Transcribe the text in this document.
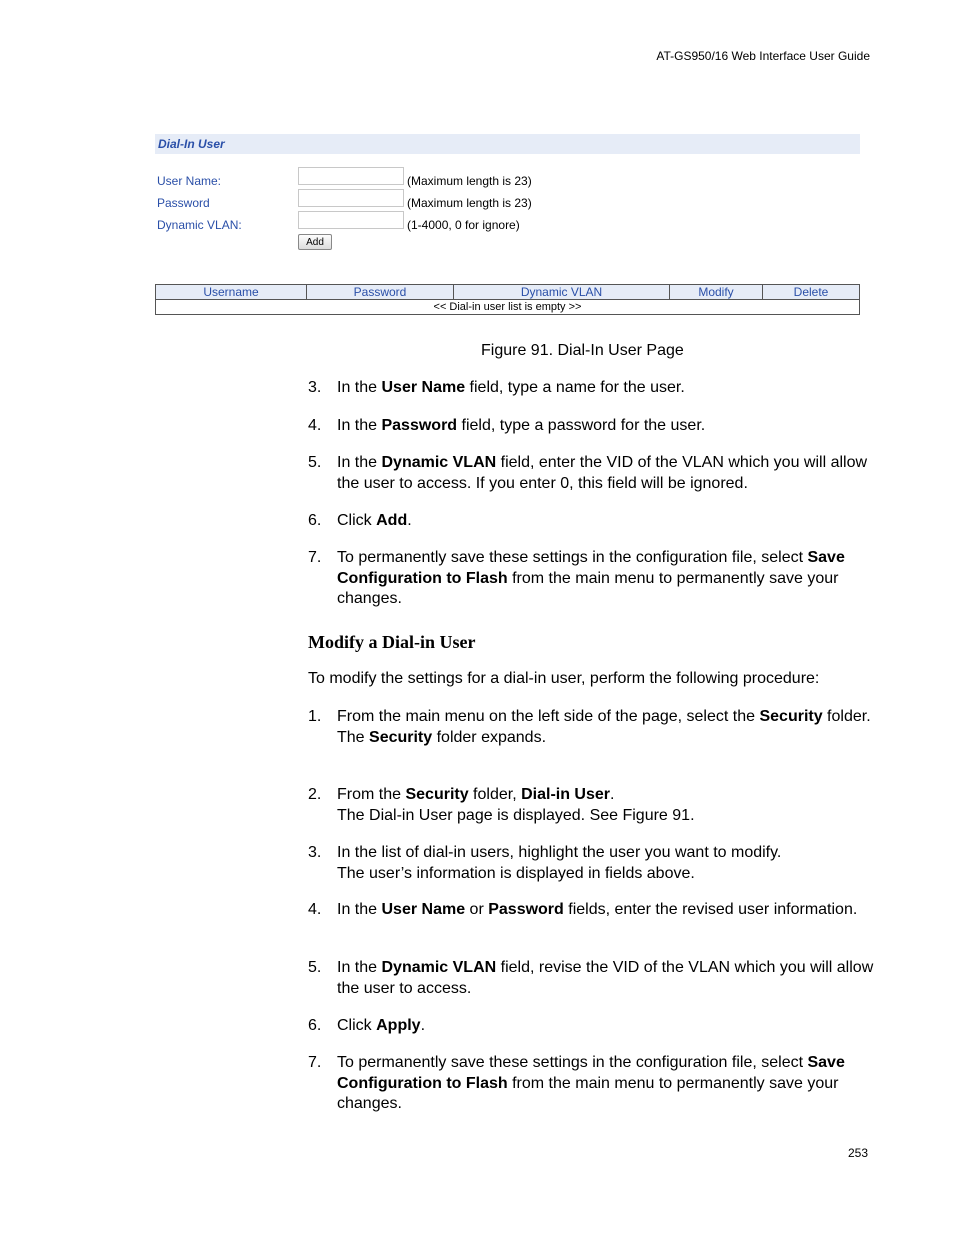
AT-GS950/16 Web Interface User Guide
Dial-In User
User Name:	(Maximum length is 23)
Password	(Maximum length is 23)
Dynamic VLAN:	(1-4000, 0 for ignore)
Add
Username	Password	Dynamic VLAN	Modify	Delete
<< Dial-in user list is empty >>
Figure 91. Dial-In User Page
3. In the User Name field, type a name for the user.
4. In the Password field, type a password for the user.
5. In the Dynamic VLAN field, enter the VID of the VLAN which you will allow the user to access. If you enter 0, this field will be ignored.
6. Click Add.
7. To permanently save these settings in the configuration file, select Save Configuration to Flash from the main menu to permanently save your changes.
Modify a Dial-in User
To modify the settings for a dial-in user, perform the following procedure:
1. From the main menu on the left side of the page, select the Security folder.
The Security folder expands.
2. From the Security folder, Dial-in User.
The Dial-in User page is displayed. See Figure 91.
3. In the list of dial-in users, highlight the user you want to modify.
The user’s information is displayed in fields above.
4. In the User Name or Password fields, enter the revised user information.
5. In the Dynamic VLAN field, revise the VID of the VLAN which you will allow the user to access.
6. Click Apply.
7. To permanently save these settings in the configuration file, select Save Configuration to Flash from the main menu to permanently save your changes.
253
